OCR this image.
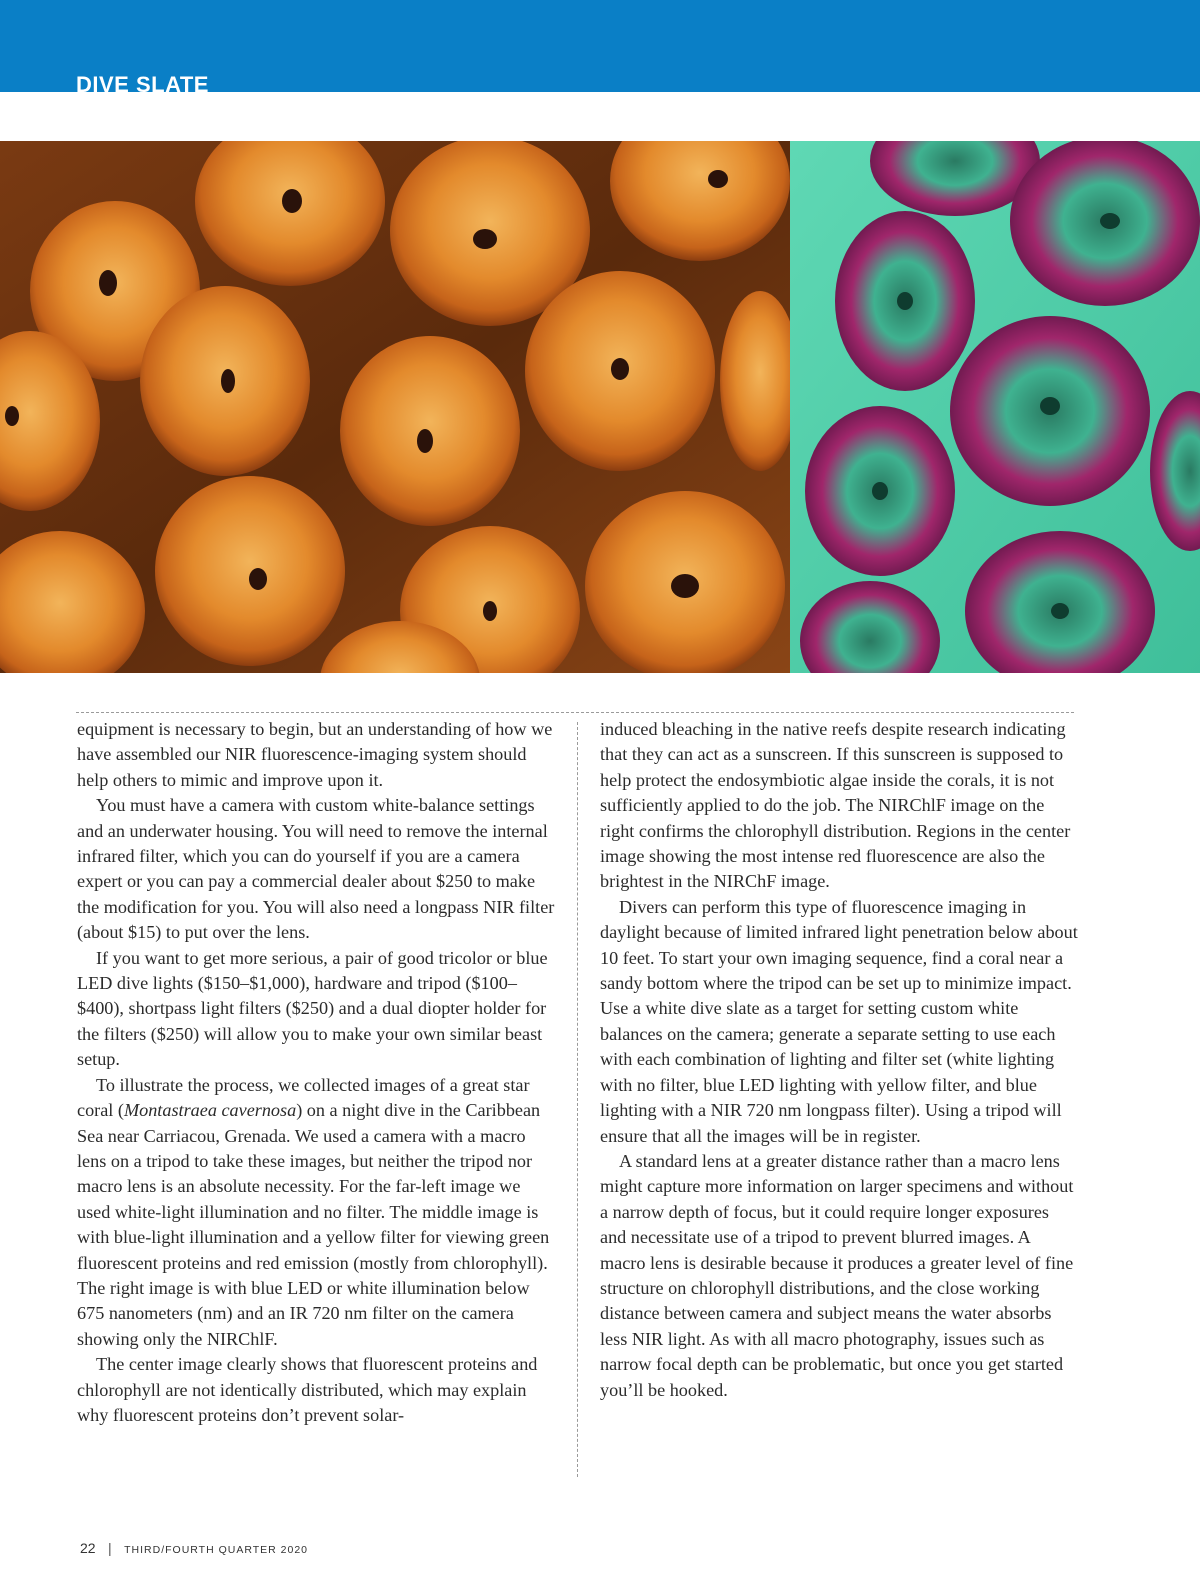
DIVE SLATE

equipment is necessary to begin, but an understanding of how we have assembled our NIR fluorescence-imaging system should help others to mimic and improve upon it.

You must have a camera with custom white-balance settings and an underwater housing. You will need to remove the internal infrared filter, which you can do yourself if you are a camera expert or you can pay a commercial dealer about $250 to make the modification for you. You will also need a longpass NIR filter (about $15) to put over the lens.

If you want to get more serious, a pair of good tricolor or blue LED dive lights ($150–$1,000), hardware and tripod ($100–$400), shortpass light filters ($250) and a dual diopter holder for the filters ($250) will allow you to make your own similar beast setup.

To illustrate the process, we collected images of a great star coral (Montastraea cavernosa) on a night dive in the Caribbean Sea near Carriacou, Grenada. We used a camera with a macro lens on a tripod to take these images, but neither the tripod nor macro lens is an absolute necessity. For the far-left image we used white-light illumination and no filter. The middle image is with blue-light illumination and a yellow filter for viewing green fluorescent proteins and red emission (mostly from chlorophyll). The right image is with blue LED or white illumination below 675 nanometers (nm) and an IR 720 nm filter on the camera showing only the NIRChlF.

The center image clearly shows that fluorescent proteins and chlorophyll are not identically distributed, which may explain why fluorescent proteins don’t prevent solar-

induced bleaching in the native reefs despite research indicating that they can act as a sunscreen. If this sunscreen is supposed to help protect the endosymbiotic algae inside the corals, it is not sufficiently applied to do the job. The NIRChlF image on the right confirms the chlorophyll distribution. Regions in the center image showing the most intense red fluorescence are also the brightest in the NIRChF image.

Divers can perform this type of fluorescence imaging in daylight because of limited infrared light penetration below about 10 feet. To start your own imaging sequence, find a coral near a sandy bottom where the tripod can be set up to minimize impact. Use a white dive slate as a target for setting custom white balances on the camera; generate a separate setting to use each with each combination of lighting and filter set (white lighting with no filter, blue LED lighting with yellow filter, and blue lighting with a NIR 720 nm longpass filter). Using a tripod will ensure that all the images will be in register.

A standard lens at a greater distance rather than a macro lens might capture more information on larger specimens and without a narrow depth of focus, but it could require longer exposures and necessitate use of a tripod to prevent blurred images. A macro lens is desirable because it produces a greater level of fine structure on chlorophyll distributions, and the close working distance between camera and subject means the water absorbs less NIR light. As with all macro photography, issues such as narrow focal depth can be problematic, but once you get started you’ll be hooked.

22 | THIRD/FOURTH QUARTER 2020
